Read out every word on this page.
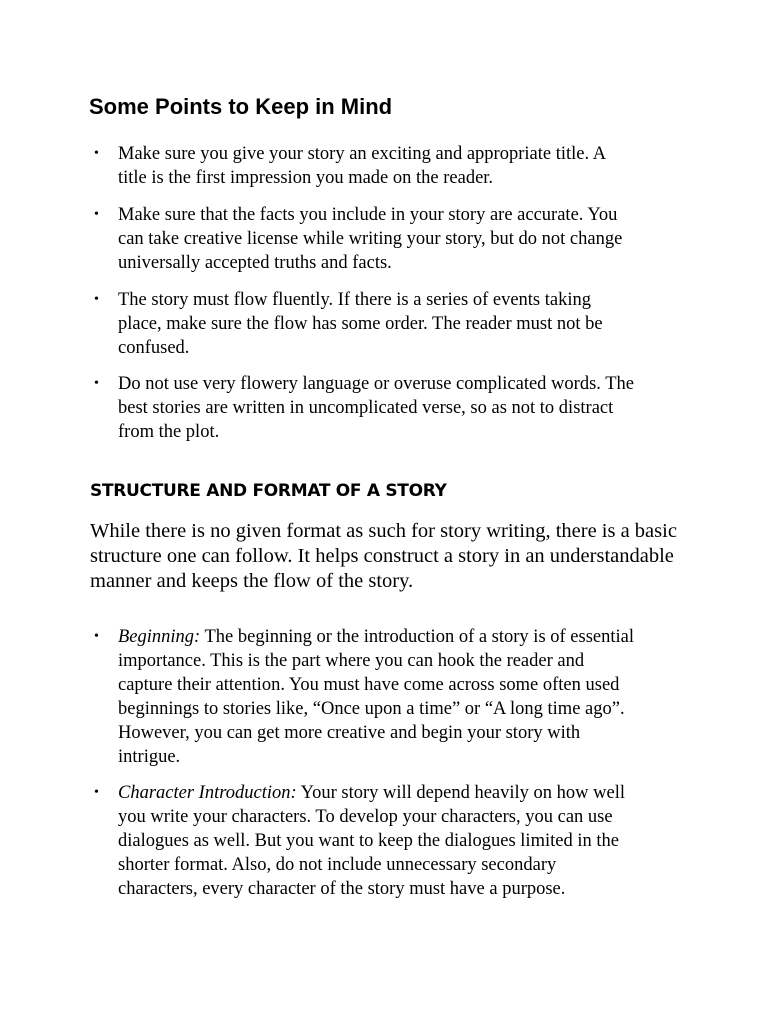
Some Points to Keep in Mind
• Make sure you give your story an exciting and appropriate title. A
title is the first impression you made on the reader.
• Make sure that the facts you include in your story are accurate. You
can take creative license while writing your story, but do not change
universally accepted truths and facts.
• The story must flow fluently. If there is a series of events taking
place, make sure the flow has some order. The reader must not be
confused.
• Do not use very flowery language or overuse complicated words. The
best stories are written in uncomplicated verse, so as not to distract
from the plot.
STRUCTURE AND FORMAT OF A STORY

While there is no given format as such for story writing, there is a basic
structure one can follow. It helps construct a story in an understandable
manner and keeps the flow of the story.

• Beginning: The beginning or the introduction of a story is of essential
importance. This is the part where you can hook the reader and
capture their attention. You must have come across some often used
beginnings to stories like, “Once upon a time” or “A long time ago”.
However, you can get more creative and begin your story with
intrigue.
• Character Introduction: Your story will depend heavily on how well
you write your characters. To develop your characters, you can use
dialogues as well. But you want to keep the dialogues limited in the
shorter format. Also, do not include unnecessary secondary
characters, every character of the story must have a purpose.
